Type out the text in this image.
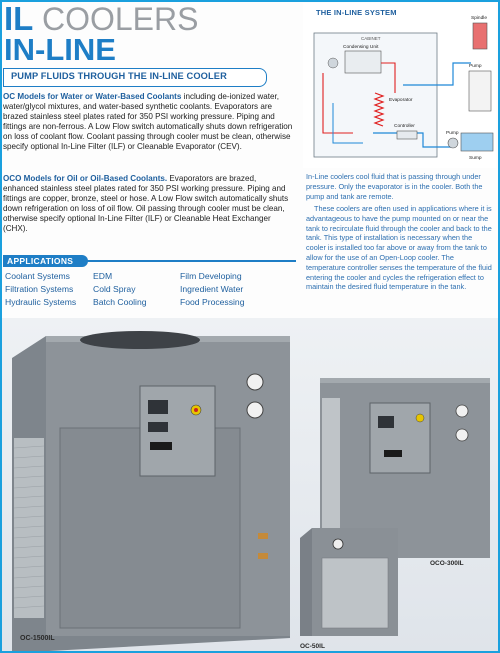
IL COOLERS
IN-LINE
PUMP FLUIDS THROUGH THE IN-LINE COOLER
OC Models for Water or Water-Based Coolants including de-ionized water, water/glycol mixtures, and water-based synthetic coolants. Evaporators are brazed stainless steel plates rated for 350 PSI working pressure. Piping and fittings are non-ferrous. A Low Flow switch automatically shuts down refrigeration on loss of coolant flow. Coolant passing through cooler must be clean, otherwise specify optional In-Line Filter (ILF) or Cleanable Evaporator (CEV).
OCO Models for Oil or Oil-Based Coolants. Evaporators are brazed, enhanced stainless steel plates rated for 350 PSI working pressure. Piping and fittings are copper, bronze, steel or hose. A Low Flow switch automatically shuts down refrigeration on loss of oil flow. Oil passing through cooler must be clean, otherwise specify optional In-Line Filter (ILF) or Cleanable Heat Exchanger (CHX).
APPLICATIONS
Coolant Systems
Filtration Systems
Hydraulic Systems
EDM
Cold Spray
Batch Cooling
Film Developing
Ingredient Water
Food Processing
THE IN-LINE SYSTEM
CABINET
Condensing Unit
Evaporator
Controller
Pump
Spindle
Pump
Sump
In-Line coolers cool fluid that is passing through under pressure. Only the evaporator is in the cooler. Both the pump and tank are remote.
These coolers are often used in applications where it is advantageous to have the pump mounted on or near the tank to recirculate fluid through the cooler and back to the tank. This type of installation is necessary when the cooler is installed too far above or away from the tank to allow for the use of an Open-Loop cooler. The temperature controller senses the temperature of the fluid entering the cooler and cycles the refrigeration effect to maintain the desired fluid temperature in the tank.
OC-1500IL
OCO-300IL
OC-50IL
